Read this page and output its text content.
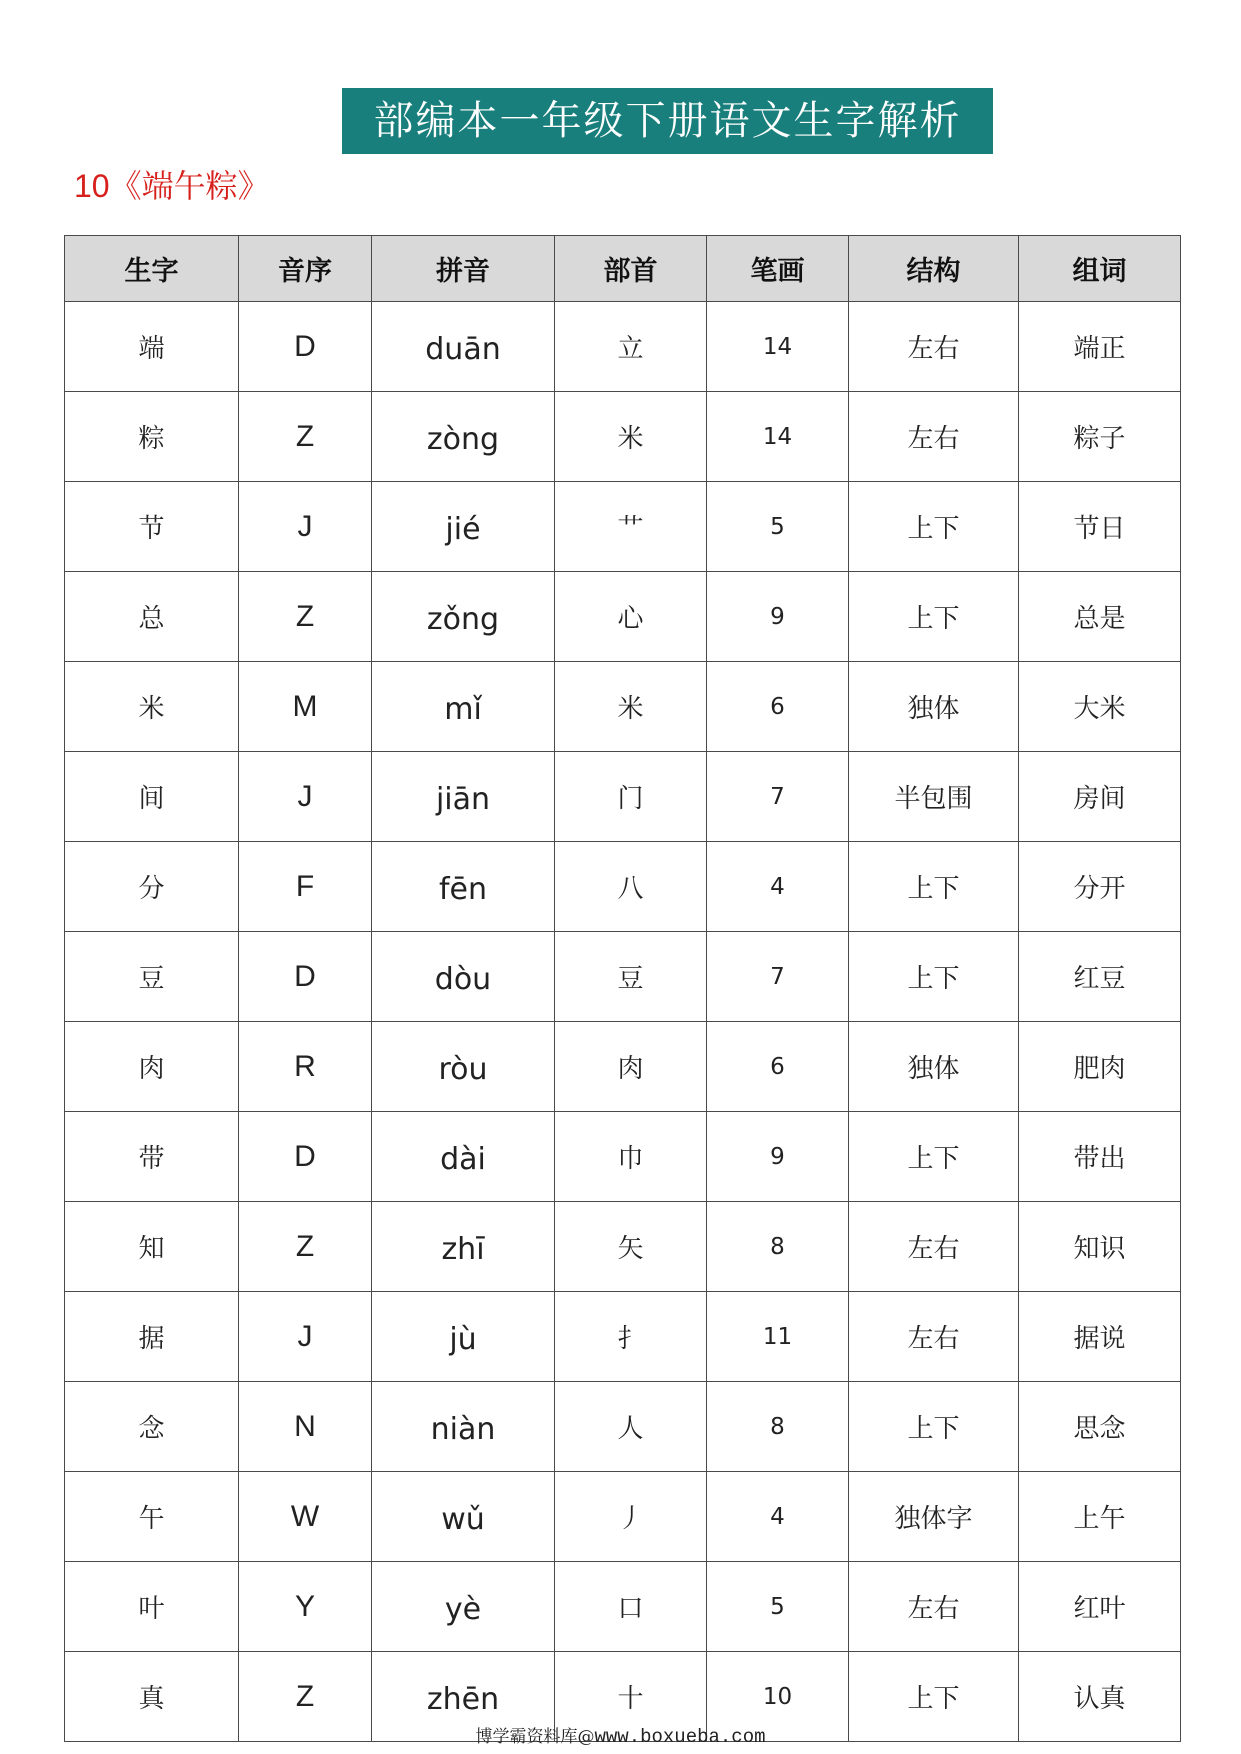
部编本一年级下册语文生字解析
10《端午粽》
生字	音序	拼音	部首	笔画	结构	组词
端	D	duān	立	14	左右	端正
粽	Z	zòng	米	14	左右	粽子
节	J	jié	艹	5	上下	节日
总	Z	zǒng	心	9	上下	总是
米	M	mǐ	米	6	独体	大米
间	J	jiān	门	7	半包围	房间
分	F	fēn	八	4	上下	分开
豆	D	dòu	豆	7	上下	红豆
肉	R	ròu	肉	6	独体	肥肉
带	D	dài	巾	9	上下	带出
知	Z	zhī	矢	8	左右	知识
据	J	jù	扌	11	左右	据说
念	N	niàn	人	8	上下	思念
午	W	wǔ	丿	4	独体字	上午
叶	Y	yè	口	5	左右	红叶
真	Z	zhēn	十	10	上下	认真
博学霸资料库@www.boxueba.com
